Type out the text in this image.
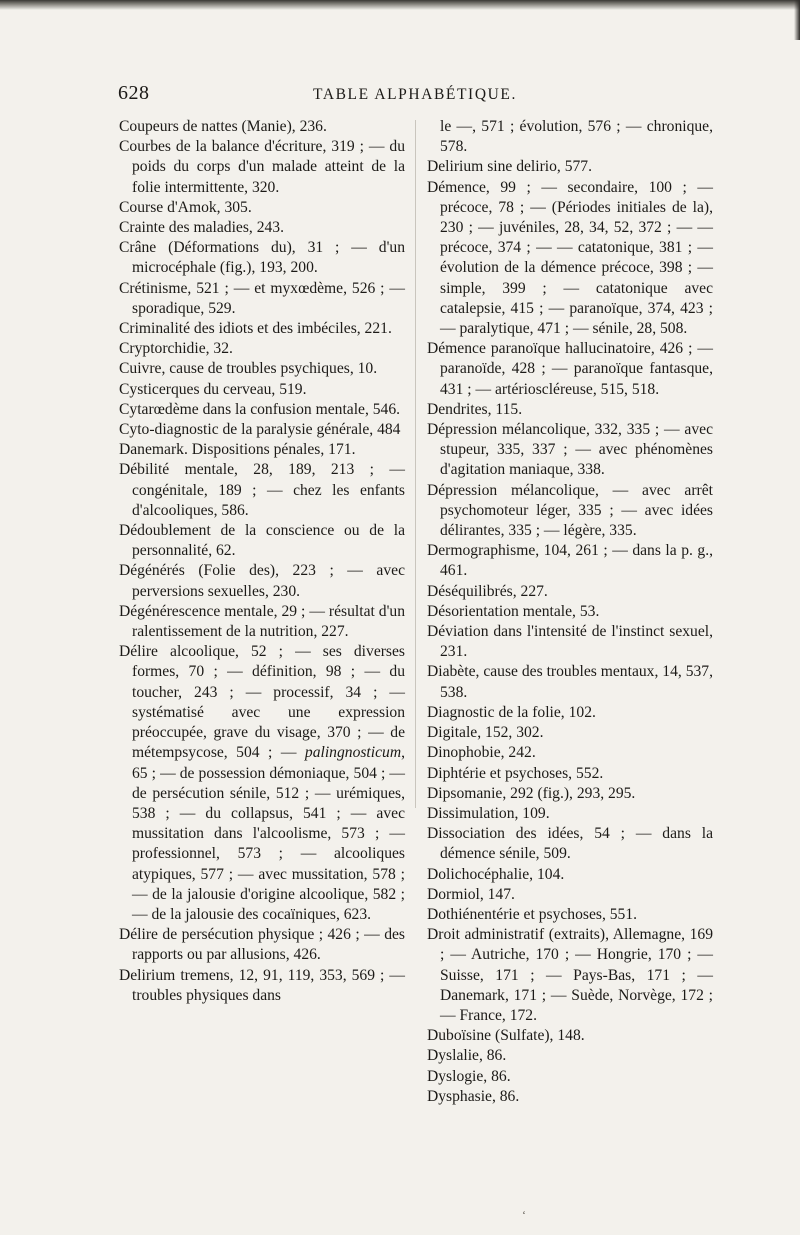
628	TABLE ALPHABÉTIQUE.

Coupeurs de nattes (Manie), 236.

Courbes de la balance d'écriture, 319 ; — du poids du corps d'un malade atteint de la folie intermittente, 320.

Course d'Amok, 305.

Crainte des maladies, 243.

Crâne (Déformations du), 31 ; — d'un microcéphale (fig.), 193, 200.

Crétinisme, 521 ; — et myxœdème, 526 ; — sporadique, 529.

Criminalité des idiots et des imbéciles, 221.

Cryptorchidie, 32.

Cuivre, cause de troubles psychiques, 10.

Cysticerques du cerveau, 519.

Cytarœdème dans la confusion mentale, 546.

Cyto-diagnostic de la paralysie générale, 484

Danemark. Dispositions pénales, 171.

Débilité mentale, 28, 189, 213 ; — congénitale, 189 ; — chez les enfants d'alcooliques, 586.

Dédoublement de la conscience ou de la personnalité, 62.

Dégénérés (Folie des), 223 ; — avec perversions sexuelles, 230.

Dégénérescence mentale, 29 ; — résultat d'un ralentissement de la nutrition, 227.

Délire alcoolique, 52 ; — ses diverses formes, 70 ; — définition, 98 ; — du toucher, 243 ; — processif, 34 ; — systématisé avec une expression préoccupée, grave du visage, 370 ; — de métempsycose, 504 ; — palingnosticum, 65 ; — de possession démoniaque, 504 ; — de persécution sénile, 512 ; — urémiques, 538 ; — du collapsus, 541 ; — avec mussitation dans l'alcoolisme, 573 ; — professionnel, 573 ; — alcooliques atypiques, 577 ; — avec mussitation, 578 ; — de la jalousie d'origine alcoolique, 582 ; — de la jalousie des cocaïniques, 623.

Délire de persécution physique ; 426 ; — des rapports ou par allusions, 426.

Delirium tremens, 12, 91, 119, 353, 569 ; — troubles physiques dans

le —, 571 ; évolution, 576 ; — chronique, 578.

Delirium sine delirio, 577.

Démence, 99 ; — secondaire, 100 ; — précoce, 78 ; — (Périodes initiales de la), 230 ; — juvéniles, 28, 34, 52, 372 ; — — précoce, 374 ; — — catatonique, 381 ; — évolution de la démence précoce, 398 ; — simple, 399 ; — catatonique avec catalepsie, 415 ; — paranoïque, 374, 423 ; — paralytique, 471 ; — sénile, 28, 508.

Démence paranoïque hallucinatoire, 426 ; — paranoïde, 428 ; — paranoïque fantasque, 431 ; — artérioscléreuse, 515, 518.

Dendrites, 115.

Dépression mélancolique, 332, 335 ; — avec stupeur, 335, 337 ; — avec phénomènes d'agitation maniaque, 338.

Dépression mélancolique, — avec arrêt psychomoteur léger, 335 ; — avec idées délirantes, 335 ; — légère, 335.

Dermographisme, 104, 261 ; — dans la p. g., 461.

Déséquilibrés, 227.

Désorientation mentale, 53.

Déviation dans l'intensité de l'instinct sexuel, 231.

Diabète, cause des troubles mentaux, 14, 537, 538.

Diagnostic de la folie, 102.

Digitale, 152, 302.

Dinophobie, 242.

Diphtérie et psychoses, 552.

Dipsomanie, 292 (fig.), 293, 295.

Dissimulation, 109.

Dissociation des idées, 54 ; — dans la démence sénile, 509.

Dolichocéphalie, 104.

Dormiol, 147.

Dothiénentérie et psychoses, 551.

Droit administratif (extraits), Allemagne, 169 ; — Autriche, 170 ; — Hongrie, 170 ; — Suisse, 171 ; — Pays-Bas, 171 ; — Danemark, 171 ; — Suède, Norvège, 172 ; — France, 172.

Duboïsine (Sulfate), 148.

Dyslalie, 86.

Dyslogie, 86.

Dysphasie, 86.

ʻ
